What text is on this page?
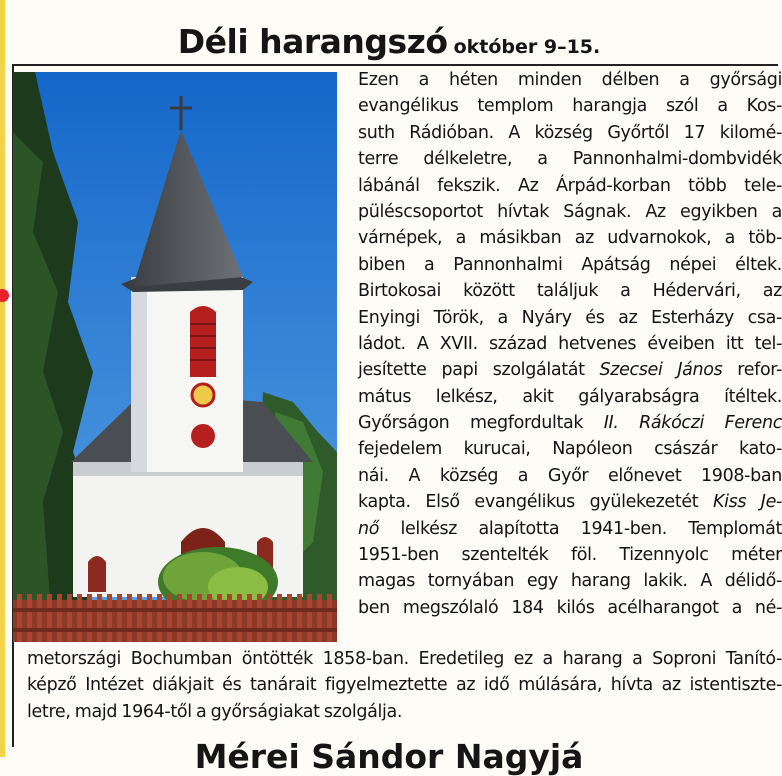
Déli harangszó október 9–15.
Ezen a héten minden délben a győrsági
evangélikus templom harangja szól a Kos-
suth Rádióban. A község Győrtől 17 kilomé-
terre délkeletre, a Pannonhalmi-dombvidék
lábánál fekszik. Az Árpád-korban több tele-
püléscsoportot hívtak Ságnak. Az egyikben a
várnépek, a másikban az udvarnokok, a töb-
biben a Pannonhalmi Apátság népei éltek.
Birtokosai között találjuk a Hédervári, az
Enyingi Török, a Nyáry és az Esterházy csa-
ládot. A XVII. század hetvenes éveiben itt tel-
jesítette papi szolgálatát Szecsei János refor-
mátus lelkész, akit gályarabságra ítéltek.
Győrságon megfordultak II. Rákóczi Ferenc
fejedelem kurucai, Napóleon császár kato-
nái. A község a Győr előnevet 1908-ban
kapta. Első evangélikus gyülekezetét Kiss Je-
nő lelkész alapította 1941-ben. Templomát
1951-ben szentelték föl. Tizennyolc méter
magas tornyában egy harang lakik. A délidő-
ben megszólaló 184 kilós acélharangot a né-
metországi Bochumban öntötték 1858-ban. Eredetileg ez a harang a Soproni Tanító-
képző Intézet diákjait és tanárait figyelmeztette az idő múlására, hívta az istentiszte-
letre, majd 1964-től a győrságiakat szolgálja.
Mérei Sándor Nagyjá
